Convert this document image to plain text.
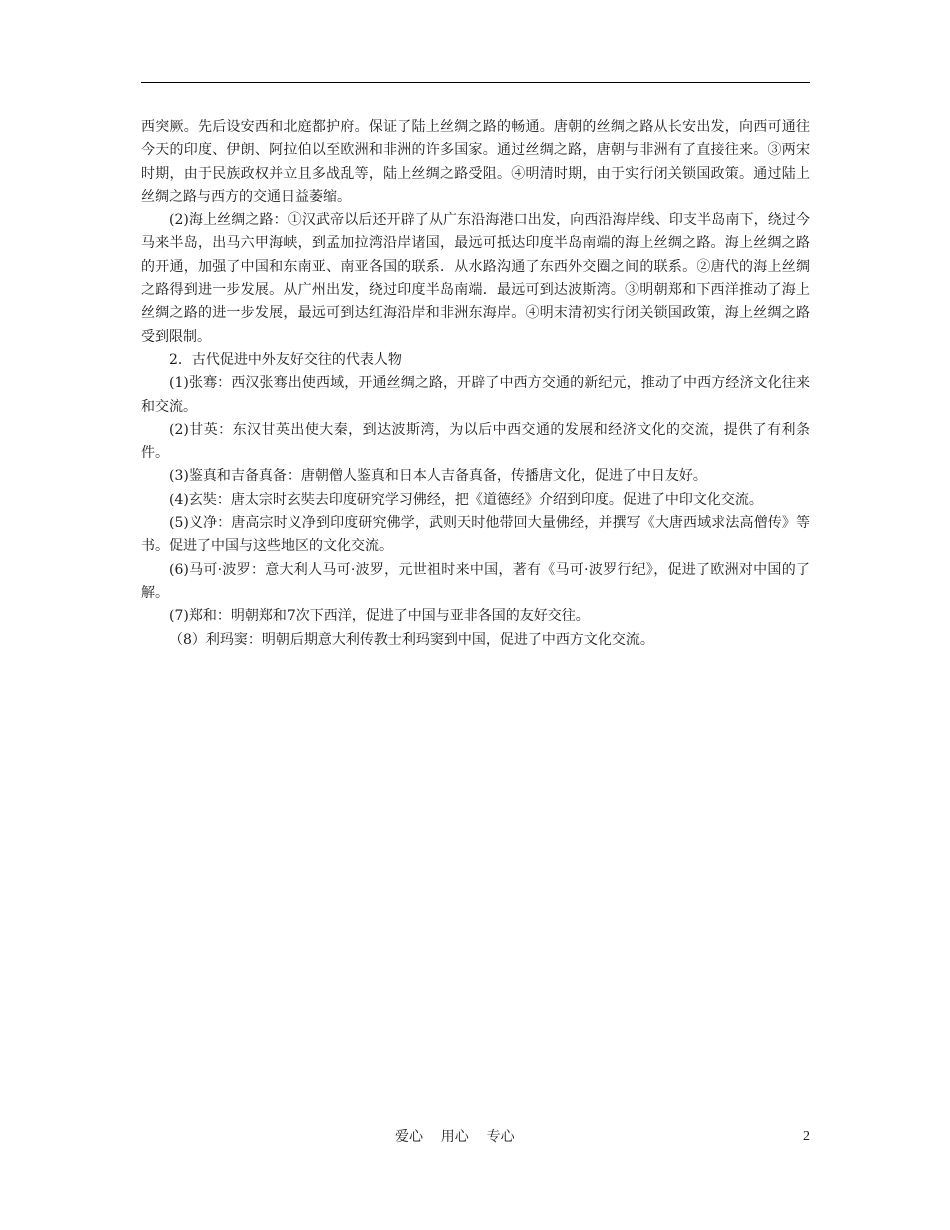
西突厥。先后设安西和北庭都护府。保证了陆上丝绸之路的畅通。唐朝的丝绸之路从长安出发，向西可通往今天的印度、伊朗、阿拉伯以至欧洲和非洲的许多国家。通过丝绸之路，唐朝与非洲有了直接往来。③两宋时期，由于民族政权并立且多战乱等，陆上丝绸之路受阻。④明清时期，由于实行闭关锁国政策。通过陆上丝绸之路与西方的交通日益萎缩。

(2)海上丝绸之路：①汉武帝以后还开辟了从广东沿海港口出发，向西沿海岸线、印支半岛南下，绕过今马来半岛，出马六甲海峡，到孟加拉湾沿岸诸国，最远可抵达印度半岛南端的海上丝绸之路。海上丝绸之路的开通，加强了中国和东南亚、南亚各国的联系．从水路沟通了东西外交圈之间的联系。②唐代的海上丝绸之路得到进一步发展。从广州出发，绕过印度半岛南端．最远可到达波斯湾。③明朝郑和下西洋推动了海上丝绸之路的进一步发展，最远可到达红海沿岸和非洲东海岸。④明末清初实行闭关锁国政策，海上丝绸之路受到限制。

2．古代促进中外友好交往的代表人物

(1)张骞：西汉张骞出使西域，开通丝绸之路，开辟了中西方交通的新纪元，推动了中西方经济文化往来和交流。

(2)甘英：东汉甘英出使大秦，到达波斯湾，为以后中西交通的发展和经济文化的交流，提供了有利条件。

(3)鉴真和吉备真备：唐朝僧人鉴真和日本人吉备真备，传播唐文化，促进了中日友好。

(4)玄奘：唐太宗时玄奘去印度研究学习佛经，把《道德经》介绍到印度。促进了中印文化交流。

(5)义净：唐高宗时义净到印度研究佛学，武则天时他带回大量佛经，并撰写《大唐西域求法高僧传》等书。促进了中国与这些地区的文化交流。

(6)马可·波罗：意大利人马可·波罗，元世祖时来中国，著有《马可·波罗行纪》，促进了欧洲对中国的了解。

(7)郑和：明朝郑和7次下西洋，促进了中国与亚非各国的友好交往。

（8）利玛窦：明朝后期意大利传教士利玛窦到中国，促进了中西方文化交流。

爱心    用心    专心	2
